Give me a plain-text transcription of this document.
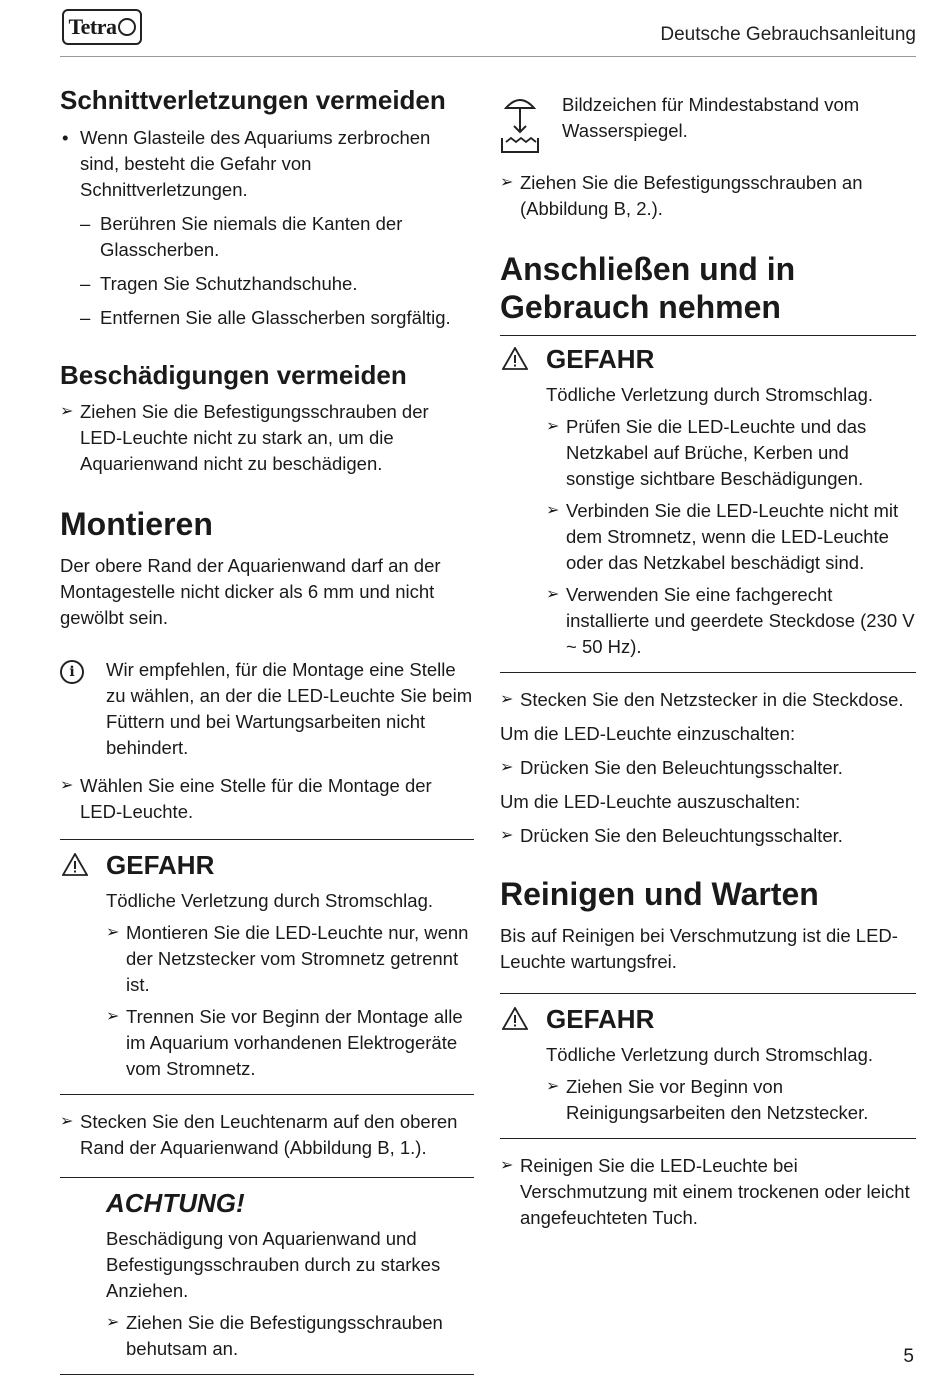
Tetra	Deutsche Gebrauchsanleitung
Schnittverletzungen vermeiden
• Wenn Glasteile des Aquariums zerbrochen sind, besteht die Gefahr von Schnittverletzungen.
– Berühren Sie niemals die Kanten der Glasscherben.
– Tragen Sie Schutzhandschuhe.
– Entfernen Sie alle Glasscherben sorgfältig.
Beschädigungen vermeiden
➢ Ziehen Sie die Befestigungsschrauben der LED-Leuchte nicht zu stark an, um die Aquarienwand nicht zu beschädigen.
Montieren

Der obere Rand der Aquarienwand darf an der Montagestelle nicht dicker als 6 mm und nicht gewölbt sein.

i	Wir empfehlen, für die Montage eine Stelle zu wählen, an der die LED-Leuchte Sie beim Füttern und bei Wartungsarbeiten nicht behindert.
➢ Wählen Sie eine Stelle für die Montage der LED-Leuchte.
GEFAHR

Tödliche Verletzung durch Stromschlag.

➢ Montieren Sie die LED-Leuchte nur, wenn der Netzstecker vom Stromnetz getrennt ist.
➢ Trennen Sie vor Beginn der Montage alle im Aquarium vorhandenen Elektrogeräte vom Stromnetz.
➢ Stecken Sie den Leuchtenarm auf den oberen Rand der Aquarienwand (Abbildung B, 1.).
ACHTUNG!

Beschädigung von Aquarienwand und Befestigungsschrauben durch zu starkes Anziehen.

➢ Ziehen Sie die Befestigungsschrauben behutsam an.
Bildzeichen für Mindestabstand vom Wasserspiegel.
➢ Ziehen Sie die Befestigungsschrauben an (Abbildung B, 2.).
Anschließen und in Gebrauch nehmen
GEFAHR

Tödliche Verletzung durch Stromschlag.

➢ Prüfen Sie die LED-Leuchte und das Netzkabel auf Brüche, Kerben und sonstige sichtbare Beschädigungen.
➢ Verbinden Sie die LED-Leuchte nicht mit dem Stromnetz, wenn die LED-Leuchte oder das Netzkabel beschädigt sind.
➢ Verwenden Sie eine fachgerecht installierte und geerdete Steckdose (230 V ~ 50 Hz).
➢ Stecken Sie den Netzstecker in die Steckdose.

Um die LED-Leuchte einzuschalten:

➢ Drücken Sie den Beleuchtungsschalter.

Um die LED-Leuchte auszuschalten:

➢ Drücken Sie den Beleuchtungsschalter.
Reinigen und Warten

Bis auf Reinigen bei Verschmutzung ist die LED-Leuchte wartungsfrei.

GEFAHR

Tödliche Verletzung durch Stromschlag.

➢ Ziehen Sie vor Beginn von Reinigungsarbeiten den Netzstecker.
➢ Reinigen Sie die LED-Leuchte bei Verschmutzung mit einem trockenen oder leicht angefeuchteten Tuch.
5
